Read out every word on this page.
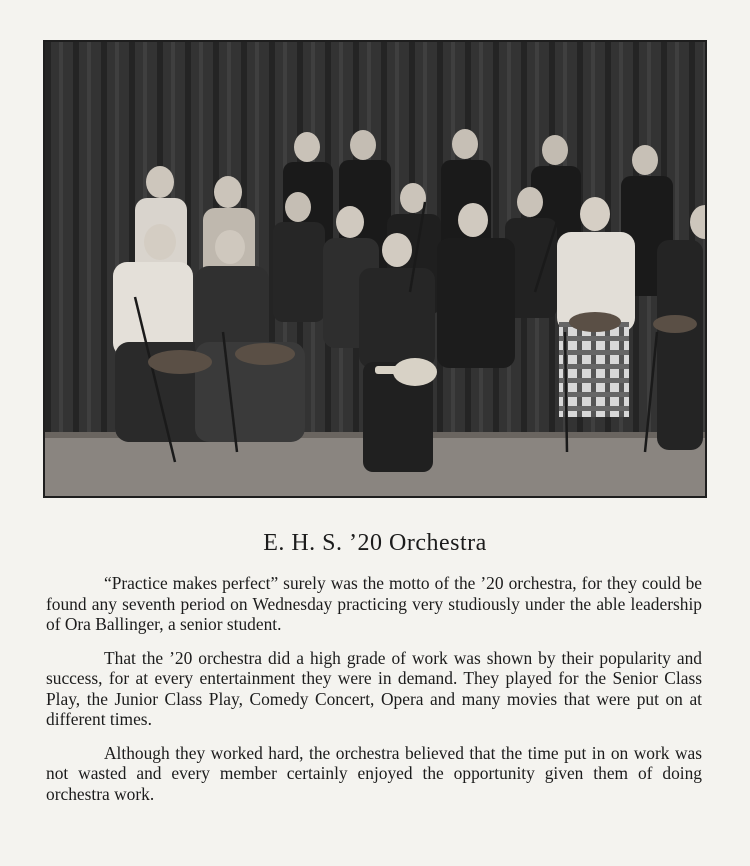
E. H. S. ’20 Orchestra

“Practice makes perfect” surely was the motto of the ’20 orchestra, for they could be found any seventh period on Wednesday practicing very studiously under the able leadership of Ora Ballinger, a senior student.

That the ’20 orchestra did a high grade of work was shown by their popularity and success, for at every entertainment they were in demand. They played for the Senior Class Play, the Junior Class Play, Comedy Concert, Opera and many movies that were put on at different times.

Although they worked hard, the orchestra believed that the time put in on work was not wasted and every member certainly enjoyed the opportunity given them of doing orchestra work.
